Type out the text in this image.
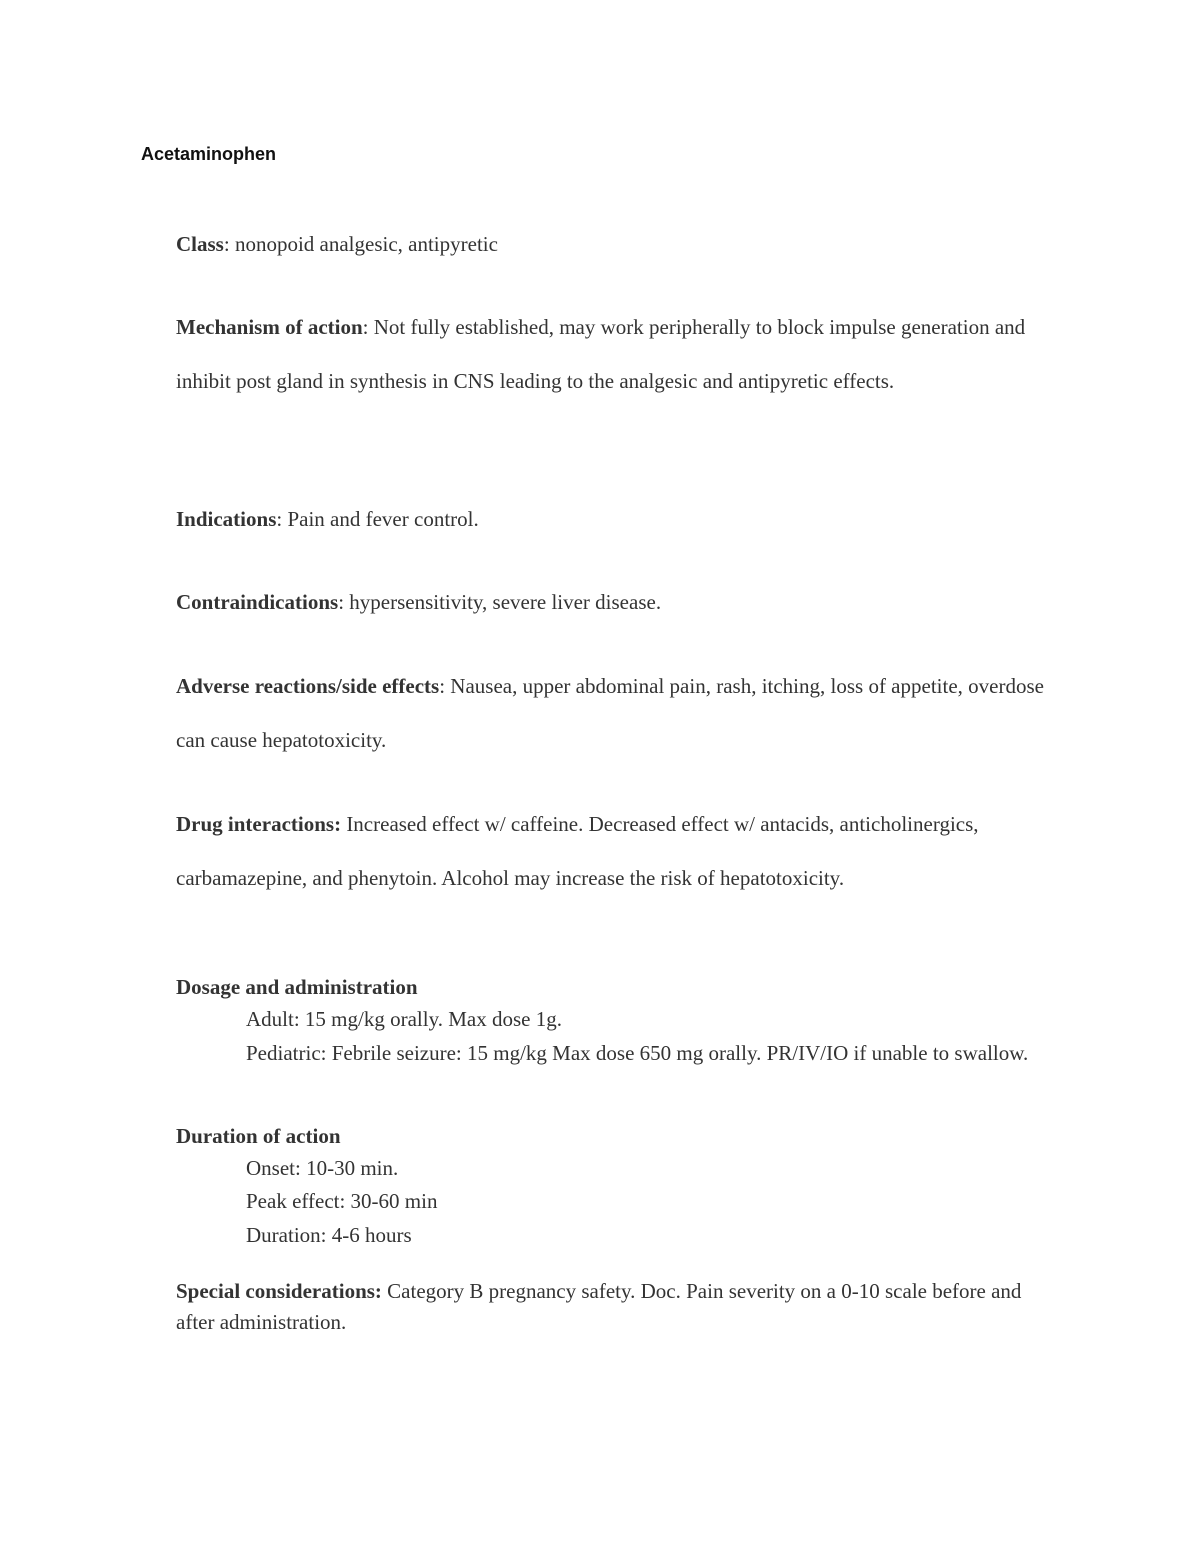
Acetaminophen

Class: nonopoid analgesic, antipyretic

Mechanism of action: Not fully established, may work peripherally to block impulse generation and inhibit post gland in synthesis in CNS leading to the analgesic and antipyretic effects.

Indications: Pain and fever control.

Contraindications: hypersensitivity, severe liver disease.

Adverse reactions/side effects: Nausea, upper abdominal pain, rash, itching, loss of appetite, overdose can cause hepatotoxicity.

Drug interactions: Increased effect w/ caffeine. Decreased effect w/ antacids, anticholinergics, carbamazepine, and phenytoin. Alcohol may increase the risk of hepatotoxicity.

Dosage and administration

Adult: 15 mg/kg orally. Max dose 1g.

Pediatric: Febrile seizure: 15 mg/kg Max dose 650 mg orally. PR/IV/IO if unable to swallow.

Duration of action

Onset: 10-30 min.

Peak effect: 30-60 min

Duration: 4-6 hours

Special considerations: Category B pregnancy safety. Doc. Pain severity on a 0-10 scale before and after administration.
